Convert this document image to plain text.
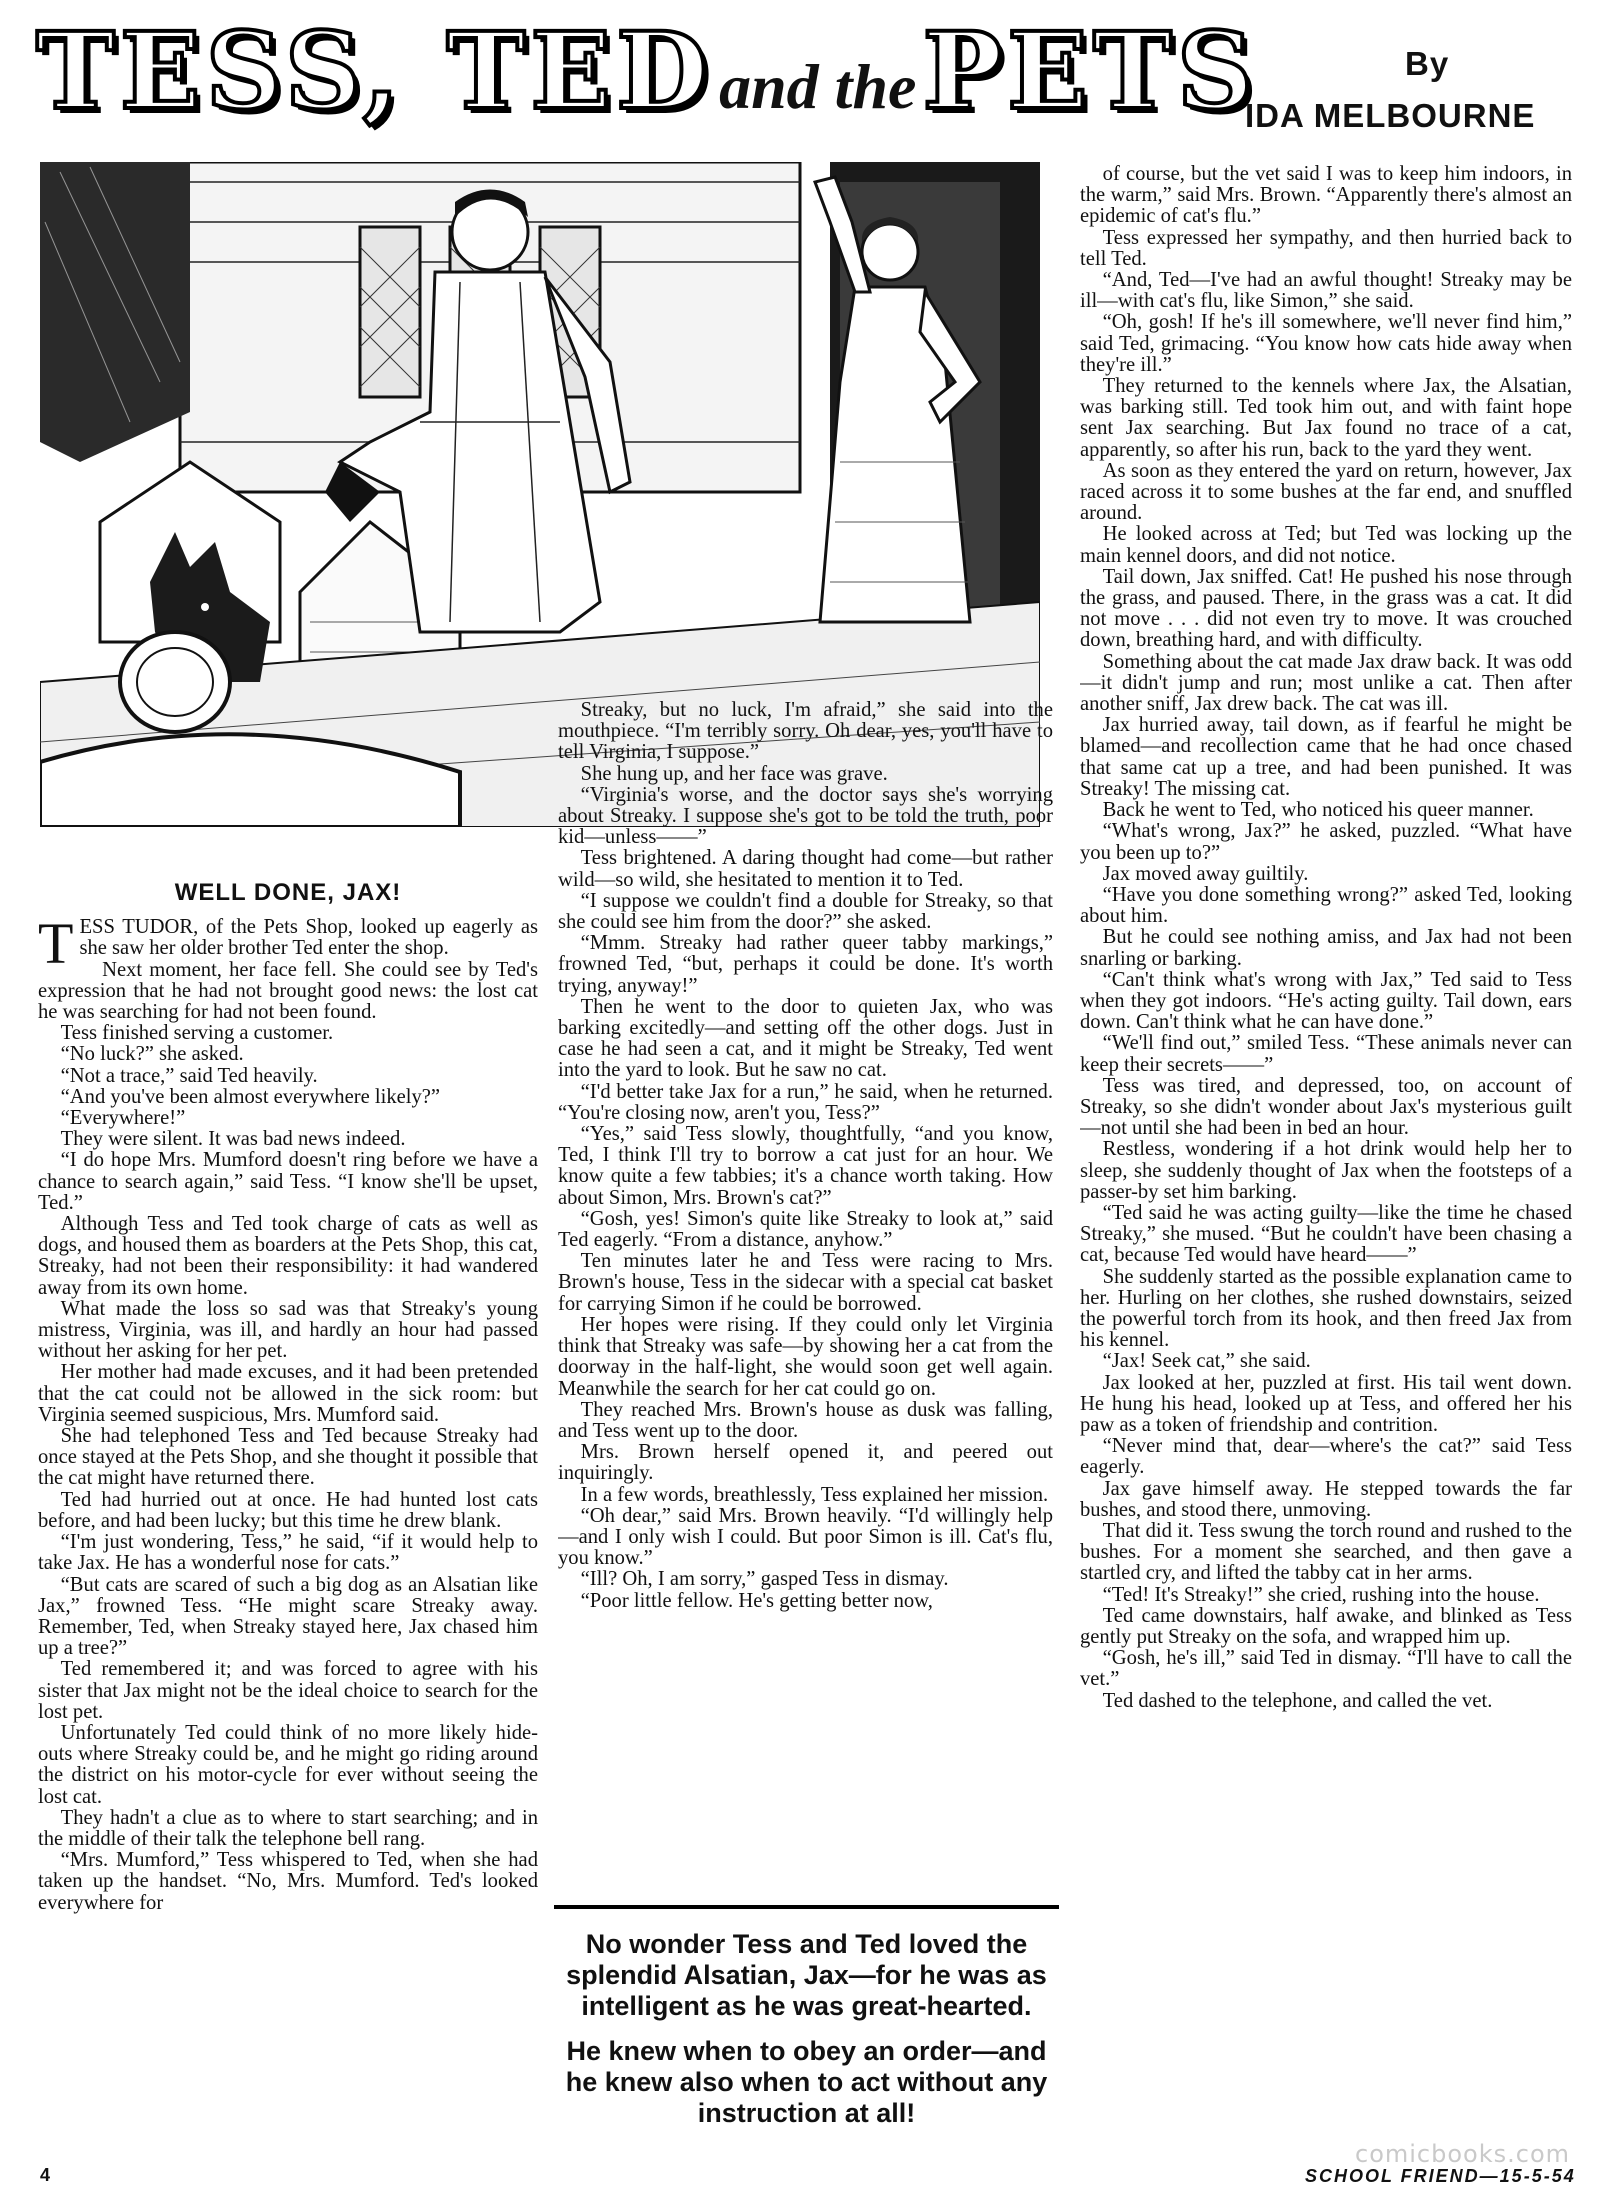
TESS, TEDand thePETS	By
IDA MELBOURNE
WELL DONE, JAX!

TESS TUDOR, of the Pets Shop, looked up eagerly as she saw her older brother Ted enter the shop.

Next moment, her face fell. She could see by Ted's expression that he had not brought good news: the lost cat he was searching for had not been found.

Tess finished serving a customer.

“No luck?” she asked.

“Not a trace,” said Ted heavily.

“And you've been almost everywhere likely?”

“Everywhere!”

They were silent. It was bad news indeed.

“I do hope Mrs. Mumford doesn't ring before we have a chance to search again,” said Tess. “I know she'll be upset, Ted.”

Although Tess and Ted took charge of cats as well as dogs, and housed them as boarders at the Pets Shop, this cat, Streaky, had not been their responsibility: it had wandered away from its own home.

What made the loss so sad was that Streaky's young mistress, Virginia, was ill, and hardly an hour had passed without her asking for her pet.

Her mother had made excuses, and it had been pretended that the cat could not be allowed in the sick room: but Virginia seemed suspicious, Mrs. Mumford said.

She had telephoned Tess and Ted because Streaky had once stayed at the Pets Shop, and she thought it possible that the cat might have returned there.

Ted had hurried out at once. He had hunted lost cats before, and had been lucky; but this time he drew blank.

“I'm just wondering, Tess,” he said, “if it would help to take Jax. He has a wonderful nose for cats.”

“But cats are scared of such a big dog as an Alsatian like Jax,” frowned Tess. “He might scare Streaky away. Remember, Ted, when Streaky stayed here, Jax chased him up a tree?”

Ted remembered it; and was forced to agree with his sister that Jax might not be the ideal choice to search for the lost pet.

Unfortunately Ted could think of no more likely hide-outs where Streaky could be, and he might go riding around the district on his motor-cycle for ever without seeing the lost cat.

They hadn't a clue as to where to start searching; and in the middle of their talk the telephone bell rang.

“Mrs. Mumford,” Tess whispered to Ted, when she had taken up the handset. “No, Mrs. Mumford. Ted's looked everywhere for

Streaky, but no luck, I'm afraid,” she said into the mouthpiece. “I'm terribly sorry. Oh dear, yes, you'll have to tell Virginia, I suppose.”

She hung up, and her face was grave.

“Virginia's worse, and the doctor says she's worrying about Streaky. I suppose she's got to be told the truth, poor kid—unless——”

Tess brightened. A daring thought had come—but rather wild—so wild, she hesitated to mention it to Ted.

“I suppose we couldn't find a double for Streaky, so that she could see him from the door?” she asked.

“Mmm. Streaky had rather queer tabby markings,” frowned Ted, “but, perhaps it could be done. It's worth trying, anyway!”

Then he went to the door to quieten Jax, who was barking excitedly—and setting off the other dogs. Just in case he had seen a cat, and it might be Streaky, Ted went into the yard to look. But he saw no cat.

“I'd better take Jax for a run,” he said, when he returned. “You're closing now, aren't you, Tess?”

“Yes,” said Tess slowly, thoughtfully, “and you know, Ted, I think I'll try to borrow a cat just for an hour. We know quite a few tabbies; it's a chance worth taking. How about Simon, Mrs. Brown's cat?”

“Gosh, yes! Simon's quite like Streaky to look at,” said Ted eagerly. “From a distance, anyhow.”

Ten minutes later he and Tess were racing to Mrs. Brown's house, Tess in the sidecar with a special cat basket for carrying Simon if he could be borrowed.

Her hopes were rising. If they could only let Virginia think that Streaky was safe—by showing her a cat from the doorway in the half-light, she would soon get well again. Meanwhile the search for her cat could go on.

They reached Mrs. Brown's house as dusk was falling, and Tess went up to the door.

Mrs. Brown herself opened it, and peered out inquiringly.

In a few words, breathlessly, Tess explained her mission.

“Oh dear,” said Mrs. Brown heavily. “I'd willingly help—and I only wish I could. But poor Simon is ill. Cat's flu, you know.”

“Ill? Oh, I am sorry,” gasped Tess in dismay.

“Poor little fellow. He's getting better now,

of course, but the vet said I was to keep him indoors, in the warm,” said Mrs. Brown. “Apparently there's almost an epidemic of cat's flu.”

Tess expressed her sympathy, and then hurried back to tell Ted.

“And, Ted—I've had an awful thought! Streaky may be ill—with cat's flu, like Simon,” she said.

“Oh, gosh! If he's ill somewhere, we'll never find him,” said Ted, grimacing. “You know how cats hide away when they're ill.”

They returned to the kennels where Jax, the Alsatian, was barking still. Ted took him out, and with faint hope sent Jax searching. But Jax found no trace of a cat, apparently, so after his run, back to the yard they went.

As soon as they entered the yard on return, however, Jax raced across it to some bushes at the far end, and snuffled around.

He looked across at Ted; but Ted was locking up the main kennel doors, and did not notice.

Tail down, Jax sniffed. Cat! He pushed his nose through the grass, and paused. There, in the grass was a cat. It did not move . . . did not even try to move. It was crouched down, breathing hard, and with difficulty.

Something about the cat made Jax draw back. It was odd—it didn't jump and run; most unlike a cat. Then after another sniff, Jax drew back. The cat was ill.

Jax hurried away, tail down, as if fearful he might be blamed—and recollection came that he had once chased that same cat up a tree, and had been punished. It was Streaky! The missing cat.

Back he went to Ted, who noticed his queer manner.

“What's wrong, Jax?” he asked, puzzled. “What have you been up to?”

Jax moved away guiltily.

“Have you done something wrong?” asked Ted, looking about him.

But he could see nothing amiss, and Jax had not been snarling or barking.

“Can't think what's wrong with Jax,” Ted said to Tess when they got indoors. “He's acting guilty. Tail down, ears down. Can't think what he can have done.”

“We'll find out,” smiled Tess. “These animals never can keep their secrets——”

Tess was tired, and depressed, too, on account of Streaky, so she didn't wonder about Jax's mysterious guilt—not until she had been in bed an hour.

Restless, wondering if a hot drink would help her to sleep, she suddenly thought of Jax when the footsteps of a passer-by set him barking.

“Ted said he was acting guilty—like the time he chased Streaky,” she mused. “But he couldn't have been chasing a cat, because Ted would have heard——”

She suddenly started as the possible explanation came to her. Hurling on her clothes, she rushed downstairs, seized the powerful torch from its hook, and then freed Jax from his kennel.

“Jax! Seek cat,” she said.

Jax looked at her, puzzled at first. His tail went down. He hung his head, looked up at Tess, and offered her his paw as a token of friendship and contrition.

“Never mind that, dear—where's the cat?” said Tess eagerly.

Jax gave himself away. He stepped towards the far bushes, and stood there, unmoving.

That did it. Tess swung the torch round and rushed to the bushes. For a moment she searched, and then gave a startled cry, and lifted the tabby cat in her arms.

“Ted! It's Streaky!” she cried, rushing into the house.

Ted came downstairs, half awake, and blinked as Tess gently put Streaky on the sofa, and wrapped him up.

“Gosh, he's ill,” said Ted in dismay. “I'll have to call the vet.”

Ted dashed to the telephone, and called the vet.

No wonder Tess and Ted loved the splendid Alsatian, Jax—for he was as intelligent as he was great-hearted.
He knew when to obey an order—and he knew also when to act without any instruction at all!
4	SCHOOL FRIEND—15-5-54
comicbooks.com
